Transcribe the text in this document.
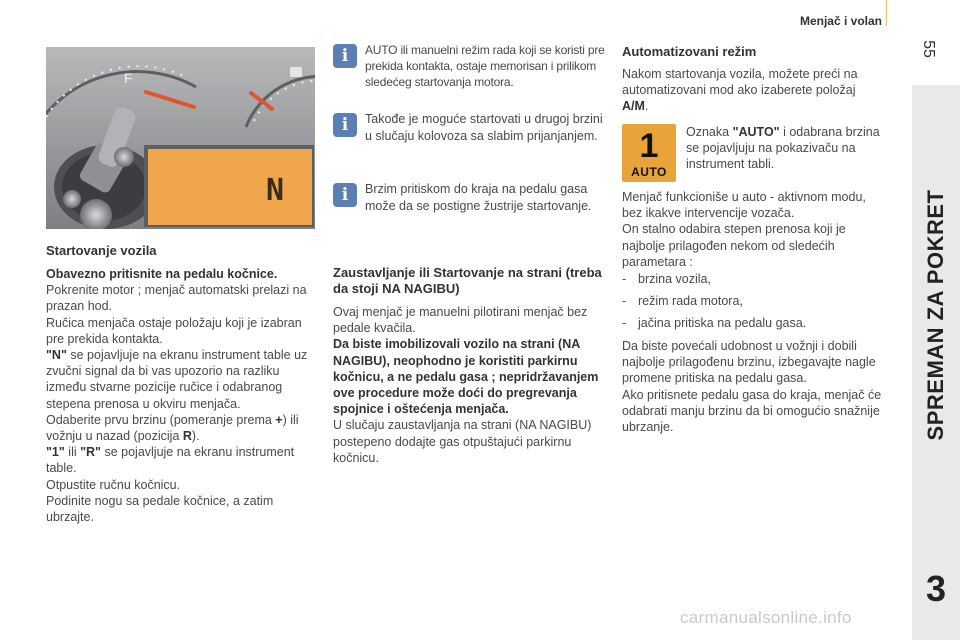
Menjač i volan
55
SPREMAN ZA POKRET
3
F
N
Startovanje vozila

Obavezno pritisnite na pedalu kočnice.

Pokrenite motor ; menjač automatski prelazi na prazan hod.

Ručica menjača ostaje položaju koji je izabran pre prekida kontakta.

"N" se pojavljuje na ekranu instrument table uz zvučni signal da bi vas upozorio na razliku između stvarne pozicije ručice i odabranog stepena prenosa u okviru menjača.

Odaberite prvu brzinu (pomeranje prema +) ili vožnju u nazad (pozicija R).

"1" ili "R" se pojavljuje na ekranu instrument table.

Otpustite ručnu kočnicu.

Podinite nogu sa pedale kočnice, a zatim ubrzajte.

i	AUTO ili manuelni režim rada koji se koristi pre prekida kontakta, ostaje memorisan i prilikom sledećeg startovanja motora.
i	Takođe je moguće startovati u drugoj brzini u slučaju kolovoza sa slabim prijanjanjem.
i	Brzim pritiskom do kraja na pedalu gasa može da se postigne žustrije startovanje.
Zaustavljanje ili Startovanje na strani (treba da stoji NA NAGIBU)

Ovaj menjač je manuelni pilotirani menjač bez pedale kvačila.

Da biste imobilizovali vozilo na strani (NA NAGIBU), neophodno je koristiti parkirnu kočnicu, a ne pedalu gasa ; nepridržavanjem ove procedure može doći do pregrevanja spojnice i oštećenja menjača.

U slučaju zaustavljanja na strani (NA NAGIBU) postepeno dodajte gas otpuštajući parkirnu kočnicu.

Automatizovani režim
Nakom startovanja vozila, možete preći na automatizovani mod ako izaberete položaj A/M.
1
AUTO
Oznaka "AUTO" i odabrana brzina se pojavljuju na pokazivaču na instrument tabli.

Menjač funkcioniše u auto - aktivnom modu, bez ikakve intervencije vozača.

On stalno odabira stepen prenosa koji je najbolje prilagođen nekom od sledećih parametara :

- brzina vozila,
- režim rada motora,
- jačina pritiska na pedalu gasa.

Da biste povećali udobnost u vožnji i dobili najbolje prilagođenu brzinu, izbegavajte nagle promene pritiska na pedalu gasa.

Ako pritisnete pedalu gasa do kraja, menjač će odabrati manju brzinu da bi omogućio snažnije ubrzanje.

carmanualsonline.info
